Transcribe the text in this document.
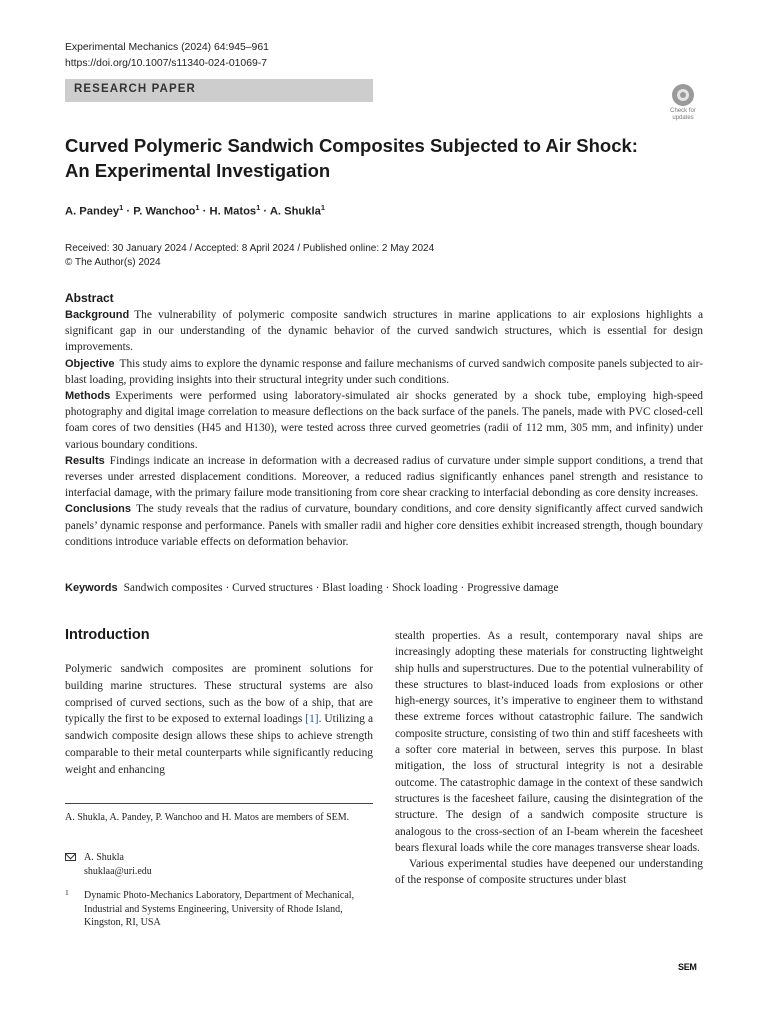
Experimental Mechanics (2024) 64:945–961
https://doi.org/10.1007/s11340-024-01069-7
RESEARCH PAPER
Check for
updates
Curved Polymeric Sandwich Composites Subjected to Air Shock:
An Experimental Investigation
A. Pandey$^1$ · P. Wanchoo$^1$ · H. Matos$^1$ · A. Shukla$^1$
Received: 30 January 2024 / Accepted: 8 April 2024 / Published online: 2 May 2024
© The Author(s) 2024
Abstract

Background The vulnerability of polymeric composite sandwich structures in marine applications to air explosions highlights a significant gap in our understanding of the dynamic behavior of the curved sandwich structures, which is essential for design improvements.

Objective This study aims to explore the dynamic response and failure mechanisms of curved sandwich composite panels subjected to air-blast loading, providing insights into their structural integrity under such conditions.

Methods Experiments were performed using laboratory-simulated air shocks generated by a shock tube, employing high-speed photography and digital image correlation to measure deflections on the back surface of the panels. The panels, made with PVC closed-cell foam cores of two densities (H45 and H130), were tested across three curved geometries (radii of 112 mm, 305 mm, and infinity) under various boundary conditions.

Results Findings indicate an increase in deformation with a decreased radius of curvature under simple support conditions, a trend that reverses under arrested displacement conditions. Moreover, a reduced radius significantly enhances panel strength and resistance to interfacial damage, with the primary failure mode transitioning from core shear cracking to interfacial debonding as core density increases.

Conclusions The study reveals that the radius of curvature, boundary conditions, and core density significantly affect curved sandwich panels’ dynamic response and performance. Panels with smaller radii and higher core densities exhibit increased strength, though boundary conditions introduce variable effects on deformation behavior.

Keywords Sandwich composites · Curved structures · Blast loading · Shock loading · Progressive damage
Introduction
Polymeric sandwich composites are prominent solutions for building marine structures. These structural systems are also comprised of curved sections, such as the bow of a ship, that are typically the first to be exposed to external loadings [1]. Utilizing a sandwich composite design allows these ships to achieve strength comparable to their metal counterparts while significantly reducing weight and enhancing

stealth properties. As a result, contemporary naval ships are increasingly adopting these materials for constructing lightweight ship hulls and superstructures. Due to the potential vulnerability of these structures to blast-induced loads from explosions or other high-energy sources, it’s imperative to engineer them to withstand these extreme forces without catastrophic failure. The sandwich composite structure, consisting of two thin and stiff facesheets with a softer core material in between, serves this purpose. In blast mitigation, the loss of structural integrity is not a desirable outcome. The catastrophic damage in the context of these sandwich structures is the facesheet failure, causing the disintegration of the structure. The design of a sandwich composite structure is analogous to the cross-section of an I-beam wherein the facesheet bears flexural loads while the core manages transverse shear loads.

Various experimental studies have deepened our understanding of the response of composite structures under blast

A. Shukla, A. Pandey, P. Wanchoo and H. Matos are members of SEM.
A. Shukla
shuklaa@uri.edu
1 Dynamic Photo-Mechanics Laboratory, Department of Mechanical, Industrial and Systems Engineering, University of Rhode Island, Kingston, RI, USA
SEM
